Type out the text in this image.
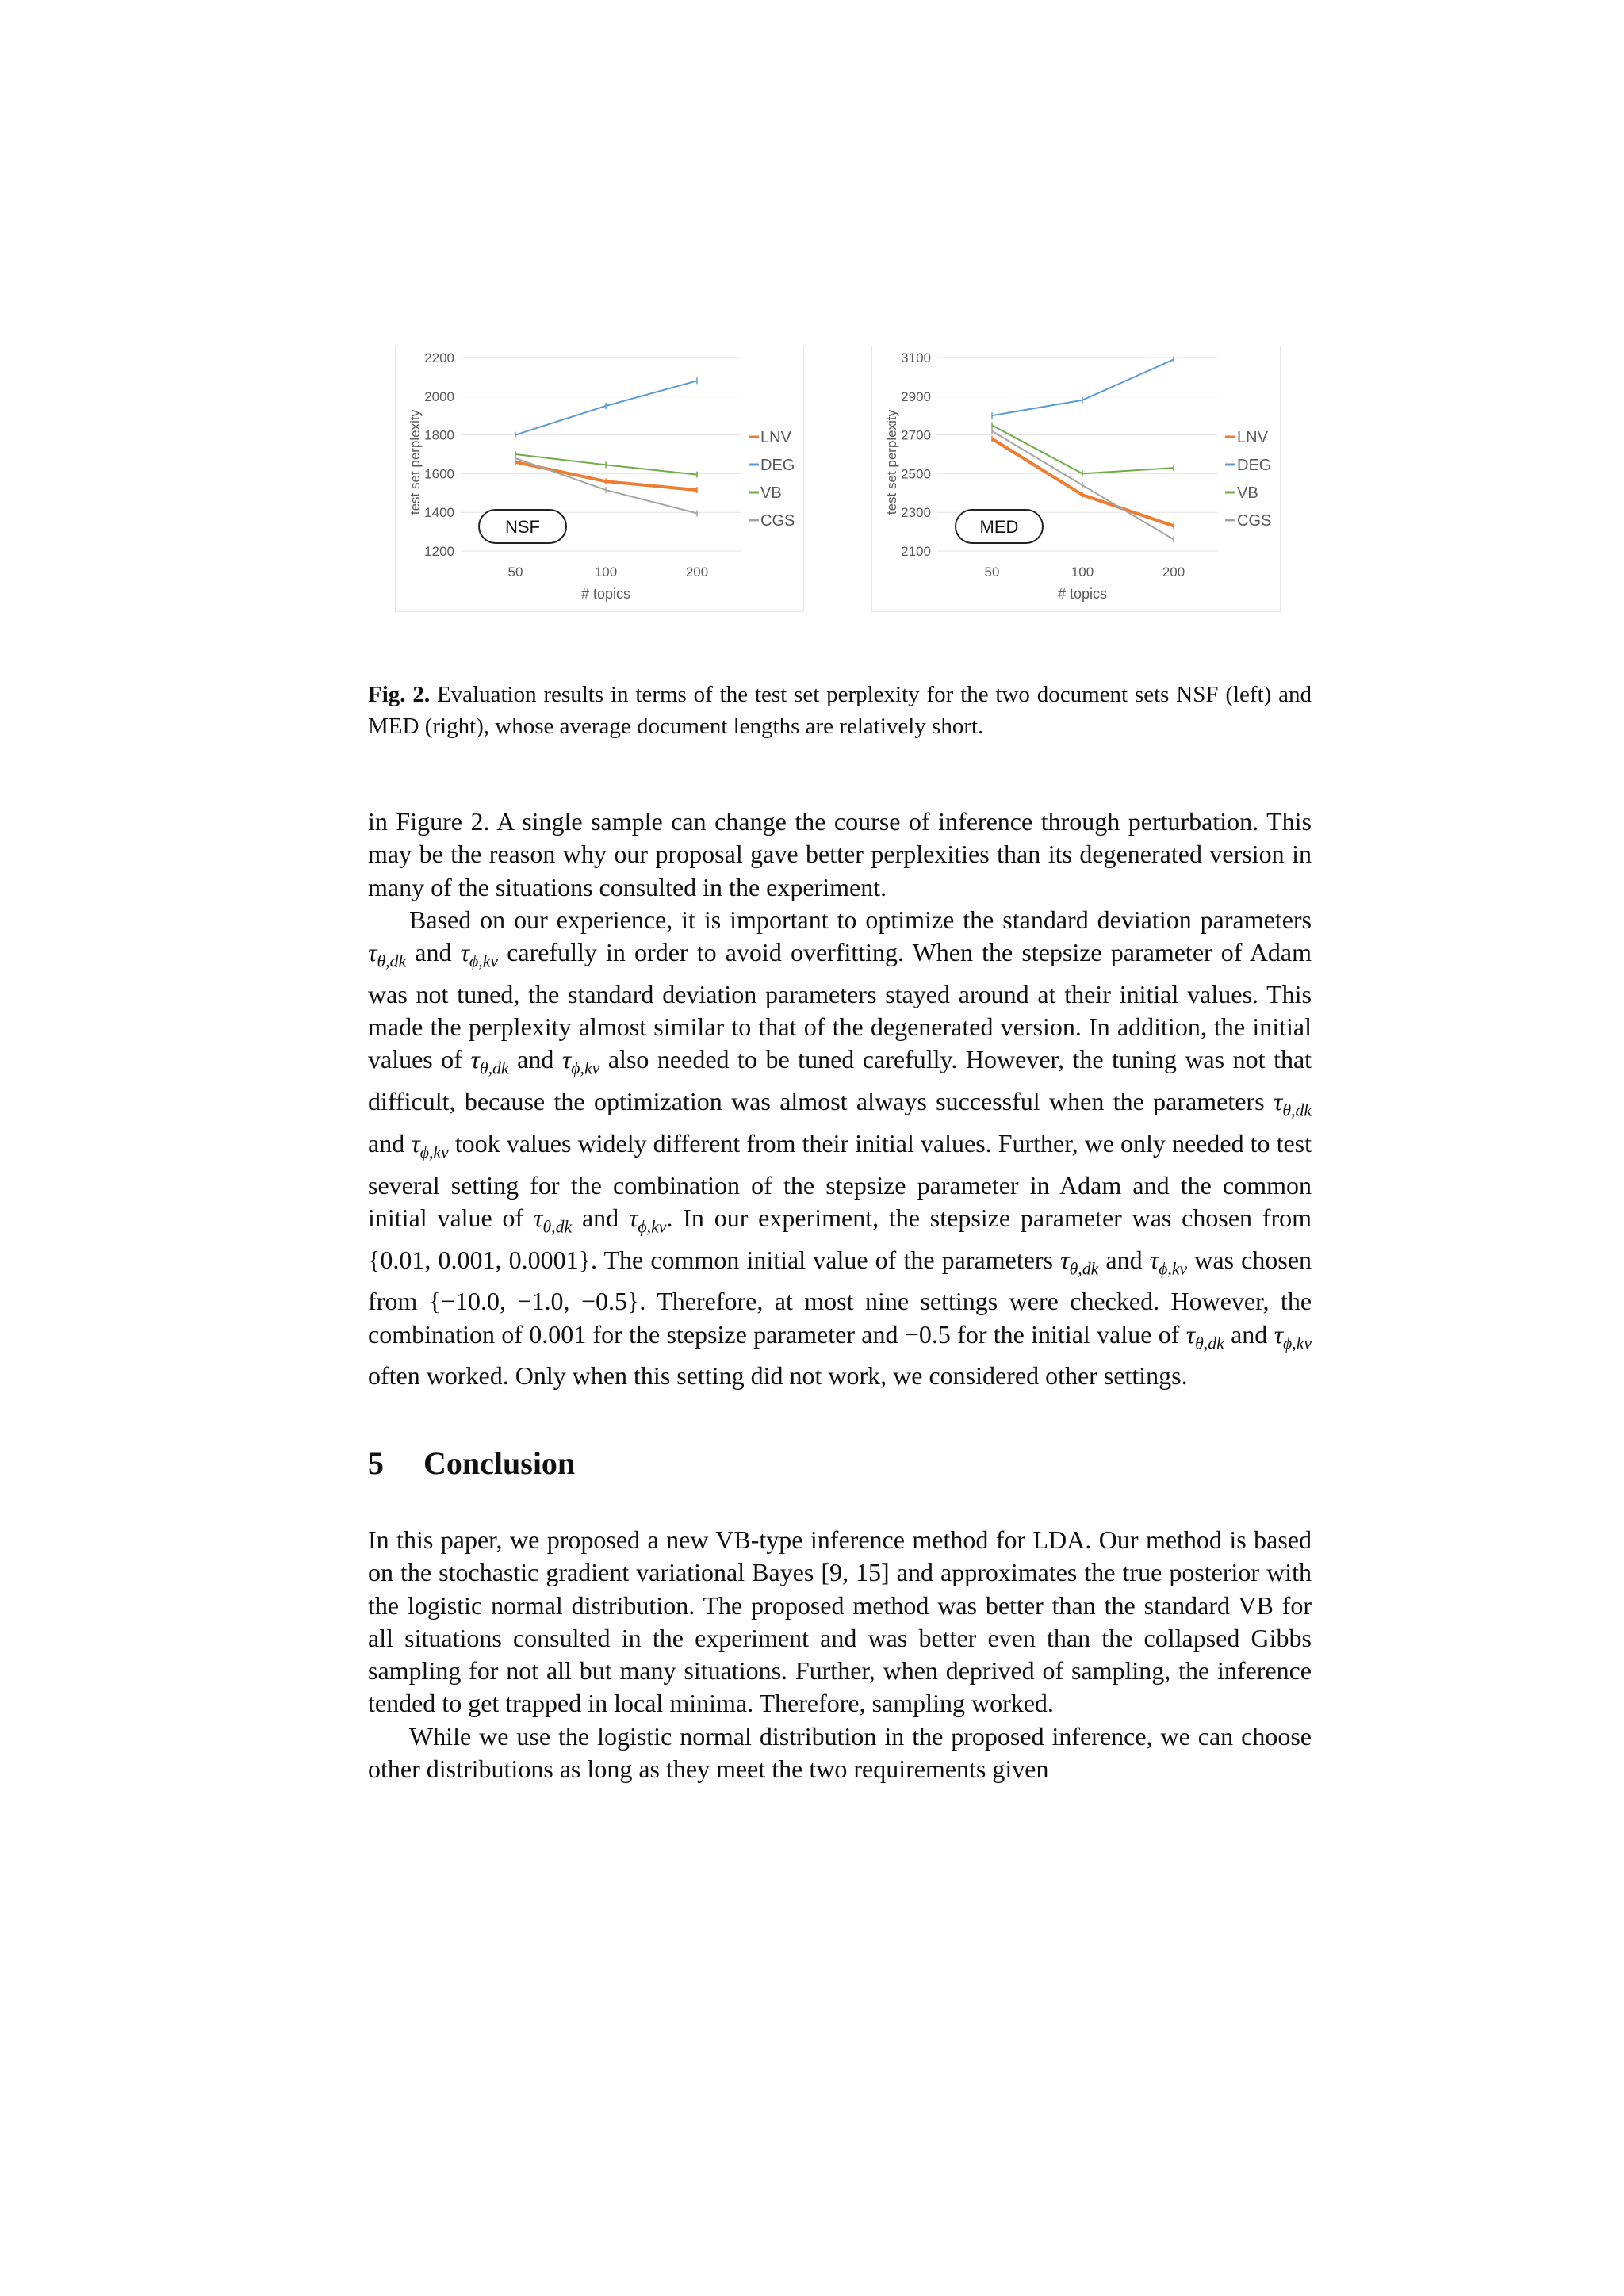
1200
1400
1600
1800
2000
2200
50	100	200
# topics
test set perplexity	LNV
DEG
VB
CGS
NSF
2100
2300
2500
2700
2900
3100
50	100	200
# topics
test set perplexity	LNV
DEG
VB
CGS
MED
Fig. 2. Evaluation results in terms of the test set perplexity for the two document sets NSF (left) and MED (right), whose average document lengths are relatively short.

in Figure 2. A single sample can change the course of inference through perturbation. This may be the reason why our proposal gave better perplexities than its degenerated version in many of the situations consulted in the experiment.

Based on our experience, it is important to optimize the standard deviation parameters $\tau_{\theta,dk}$ and $\tau_{\phi,kv}$ carefully in order to avoid overfitting. When the stepsize parameter of Adam was not tuned, the standard deviation parameters stayed around at their initial values. This made the perplexity almost similar to that of the degenerated version. In addition, the initial values of $\tau_{\theta,dk}$ and $\tau_{\phi,kv}$ also needed to be tuned carefully. However, the tuning was not that difficult, because the optimization was almost always successful when the parameters $\tau_{\theta,dk}$ and $\tau_{\phi,kv}$ took values widely different from their initial values. Further, we only needed to test several setting for the combination of the stepsize parameter in Adam and the common initial value of $\tau_{\theta,dk}$ and $\tau_{\phi,kv}$. In our experiment, the stepsize parameter was chosen from {0.01, 0.001, 0.0001}. The common initial value of the parameters $\tau_{\theta,dk}$ and $\tau_{\phi,kv}$ was chosen from {−10.0, −1.0, −0.5}. Therefore, at most nine settings were checked. However, the combination of 0.001 for the stepsize parameter and −0.5 for the initial value of $\tau_{\theta,dk}$ and $\tau_{\phi,kv}$ often worked. Only when this setting did not work, we considered other settings.

5 Conclusion

In this paper, we proposed a new VB-type inference method for LDA. Our method is based on the stochastic gradient variational Bayes [9, 15] and approximates the true posterior with the logistic normal distribution. The proposed method was better than the standard VB for all situations consulted in the experiment and was better even than the collapsed Gibbs sampling for not all but many situations. Further, when deprived of sampling, the inference tended to get trapped in local minima. Therefore, sampling worked.

While we use the logistic normal distribution in the proposed inference, we can choose other distributions as long as they meet the two requirements given
